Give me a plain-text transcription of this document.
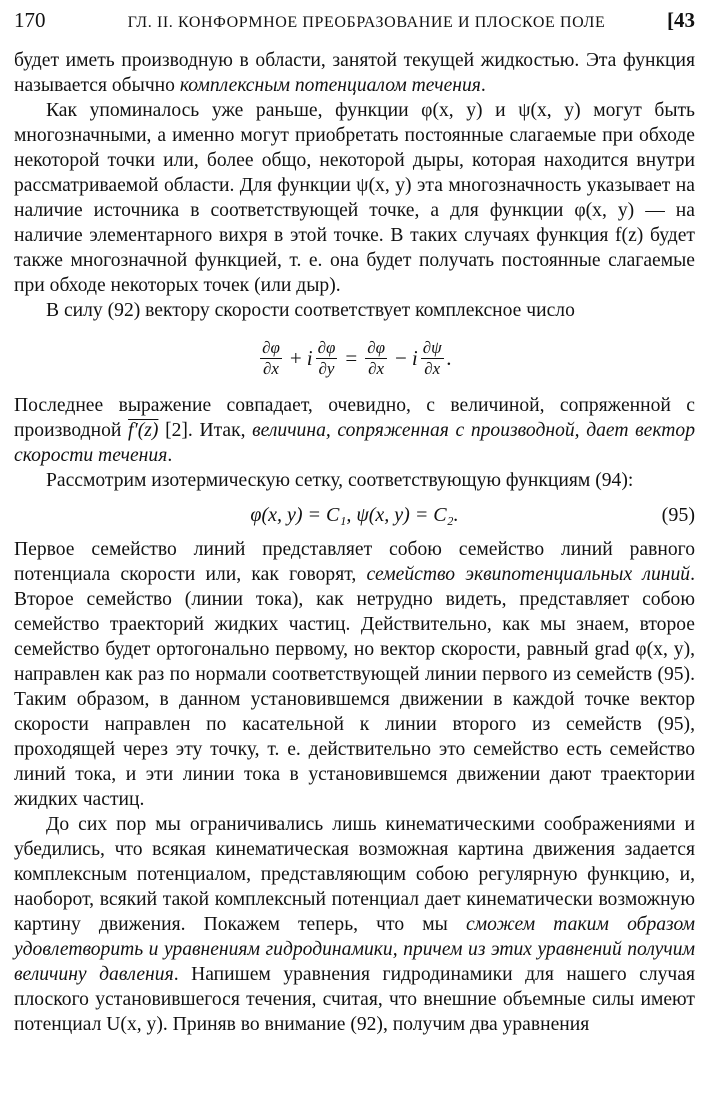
170	ГЛ. II. КОНФОРМНОЕ ПРЕОБРАЗОВАНИЕ И ПЛОСКОЕ ПОЛЕ	[43

будет иметь производную в области, занятой текущей жидкостью. Эта функция называется обычно комплексным потенциалом течения.

Как упоминалось уже раньше, функции φ(x, y) и ψ(x, y) могут быть многозначными, а именно могут приобретать постоянные слагаемые при обходе некоторой точки или, более общо, некоторой дыры, которая находится внутри рассматриваемой области. Для функции ψ(x, y) эта многозначность указывает на наличие источника в соответствующей точке, а для функции φ(x, y) — на наличие элементарного вихря в этой точке. В таких случаях функция f(z) будет также многозначной функцией, т. е. она будет получать постоянные слагаемые при обходе некоторых точек (или дыр).

В силу (92) вектору скорости соответствует комплексное число

$\frac{\partial\varphi}{\partial x} + i \frac{\partial\varphi}{\partial y} = \frac{\partial\varphi}{\partial x} - i \frac{\partial\psi}{\partial x}$ .

Последнее выражение совпадает, очевидно, с величиной, сопряженной с производной f′(z) [2]. Итак, величина, сопряженная с производной, дает вектор скорости течения.

Рассмотрим изотермическую сетку, соответствующую функциям (94):

φ(x, y) = C₁, ψ(x, y) = C₂.	(95)

Первое семейство линий представляет собою семейство линий равного потенциала скорости или, как говорят, семейство эквипотенциальных линий. Второе семейство (линии тока), как нетрудно видеть, представляет собою семейство траекторий жидких частиц. Действительно, как мы знаем, второе семейство будет ортогонально первому, но вектор скорости, равный grad φ(x, y), направлен как раз по нормали соответствующей линии первого из семейств (95). Таким образом, в данном установившемся движении в каждой точке вектор скорости направлен по касательной к линии второго из семейств (95), проходящей через эту точку, т. е. действительно это семейство есть семейство линий тока, и эти линии тока в установившемся движении дают траектории жидких частиц.

До сих пор мы ограничивались лишь кинематическими соображениями и убедились, что всякая кинематическая возможная картина движения задается комплексным потенциалом, представляющим собою регулярную функцию, и, наоборот, всякий такой комплексный потенциал дает кинематически возможную картину движения. Покажем теперь, что мы сможем таким образом удовлетворить и уравнениям гидродинамики, причем из этих уравнений получим величину давления. Напишем уравнения гидродинамики для нашего случая плоского установившегося течения, считая, что внешние объемные силы имеют потенциал U(x, y). Приняв во внимание (92), получим два уравнения
